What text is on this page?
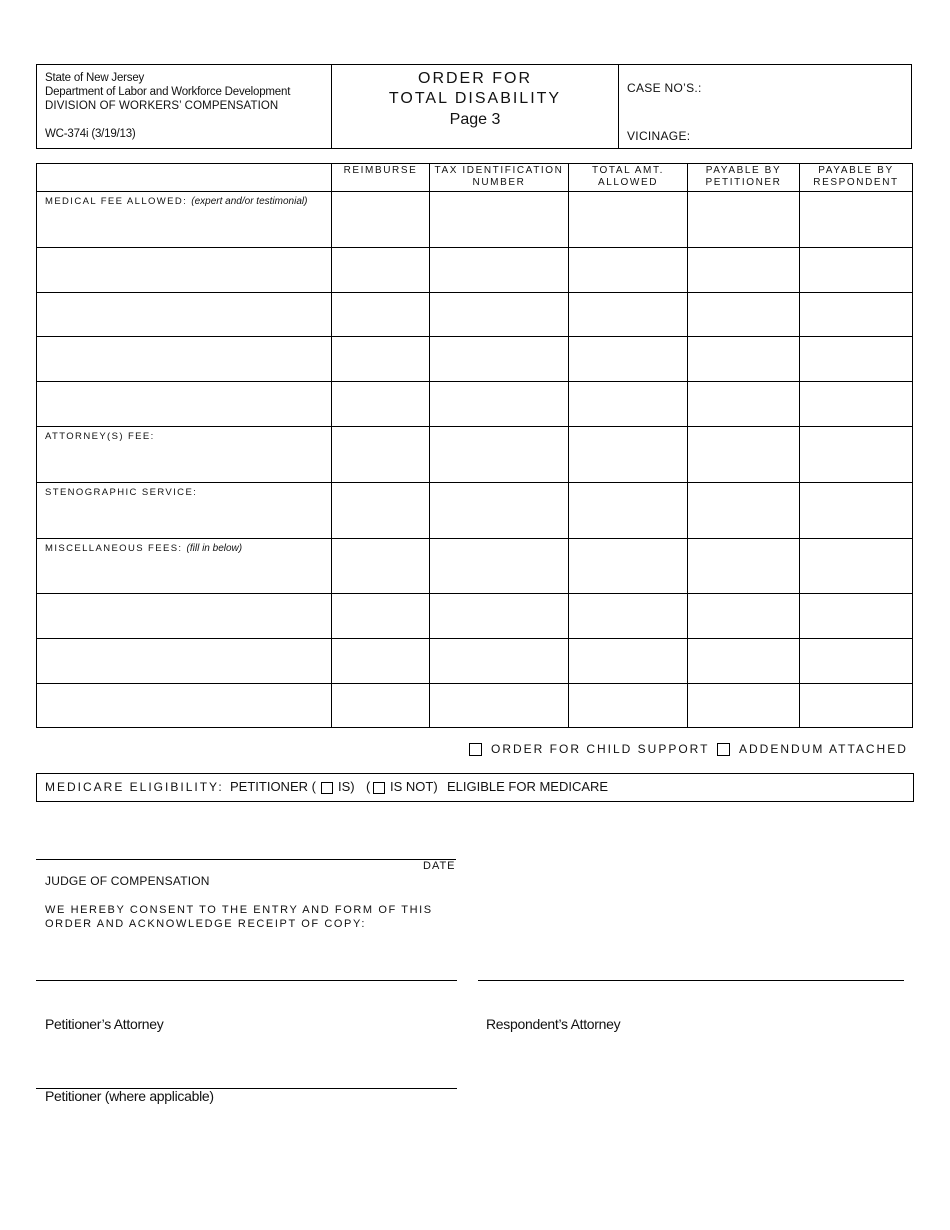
State of New Jersey
Department of Labor and Workforce Development
DIVISION OF WORKERS’ COMPENSATION
WC-374i (3/19/13)
ORDER FOR
TOTAL DISABILITY
Page 3
CASE NO’S.:
VICINAGE:
	REIMBURSE	TAX IDENTIFICATION NUMBER	TOTAL AMT. ALLOWED	PAYABLE BY PETITIONER	PAYABLE BY RESPONDENT
MEDICAL FEE ALLOWED: (expert and/or testimonial)					

ATTORNEY(S) FEE:					
STENOGRAPHIC SERVICE:					
MISCELLANEOUS FEES: (fill in below)					

ORDER FOR CHILD SUPPORT ADDENDUM ATTACHED
MEDICARE ELIGIBILITY: PETITIONER ( IS) ( IS NOT) ELIGIBLE FOR MEDICARE
DATE
JUDGE OF COMPENSATION
WE HEREBY CONSENT TO THE ENTRY AND FORM OF THIS
ORDER AND ACKNOWLEDGE RECEIPT OF COPY:
Petitioner’s Attorney	Respondent’s Attorney
Petitioner (where applicable)
